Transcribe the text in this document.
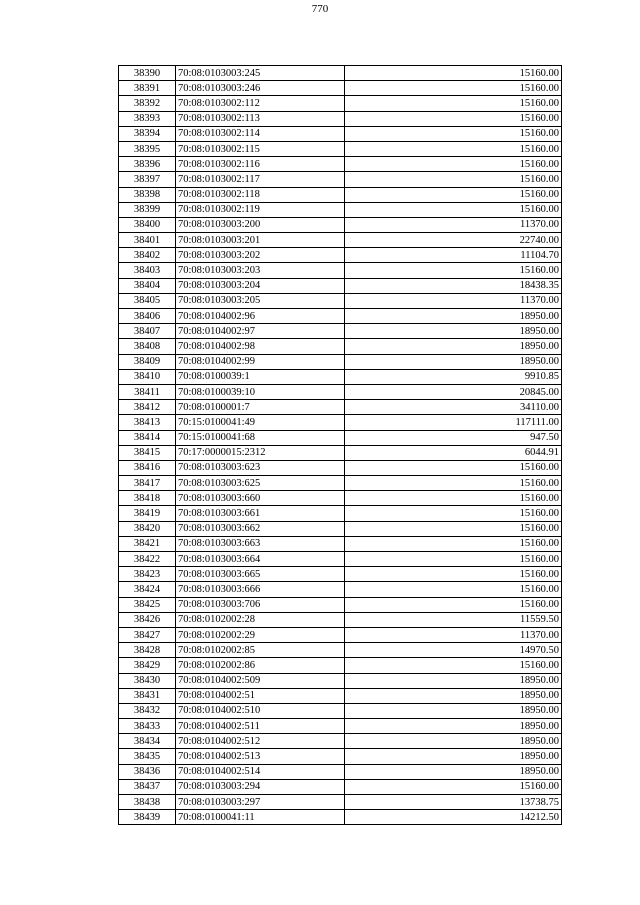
770
38390	70:08:0103003:245	15160.00
38391	70:08:0103003:246	15160.00
38392	70:08:0103002:112	15160.00
38393	70:08:0103002:113	15160.00
38394	70:08:0103002:114	15160.00
38395	70:08:0103002:115	15160.00
38396	70:08:0103002:116	15160.00
38397	70:08:0103002:117	15160.00
38398	70:08:0103002:118	15160.00
38399	70:08:0103002:119	15160.00
38400	70:08:0103003:200	11370.00
38401	70:08:0103003:201	22740.00
38402	70:08:0103003:202	11104.70
38403	70:08:0103003:203	15160.00
38404	70:08:0103003:204	18438.35
38405	70:08:0103003:205	11370.00
38406	70:08:0104002:96	18950.00
38407	70:08:0104002:97	18950.00
38408	70:08:0104002:98	18950.00
38409	70:08:0104002:99	18950.00
38410	70:08:0100039:1	9910.85
38411	70:08:0100039:10	20845.00
38412	70:08:0100001:7	34110.00
38413	70:15:0100041:49	117111.00
38414	70:15:0100041:68	947.50
38415	70:17:0000015:2312	6044.91
38416	70:08:0103003:623	15160.00
38417	70:08:0103003:625	15160.00
38418	70:08:0103003:660	15160.00
38419	70:08:0103003:661	15160.00
38420	70:08:0103003:662	15160.00
38421	70:08:0103003:663	15160.00
38422	70:08:0103003:664	15160.00
38423	70:08:0103003:665	15160.00
38424	70:08:0103003:666	15160.00
38425	70:08:0103003:706	15160.00
38426	70:08:0102002:28	11559.50
38427	70:08:0102002:29	11370.00
38428	70:08:0102002:85	14970.50
38429	70:08:0102002:86	15160.00
38430	70:08:0104002:509	18950.00
38431	70:08:0104002:51	18950.00
38432	70:08:0104002:510	18950.00
38433	70:08:0104002:511	18950.00
38434	70:08:0104002:512	18950.00
38435	70:08:0104002:513	18950.00
38436	70:08:0104002:514	18950.00
38437	70:08:0103003:294	15160.00
38438	70:08:0103003:297	13738.75
38439	70:08:0100041:11	14212.50
